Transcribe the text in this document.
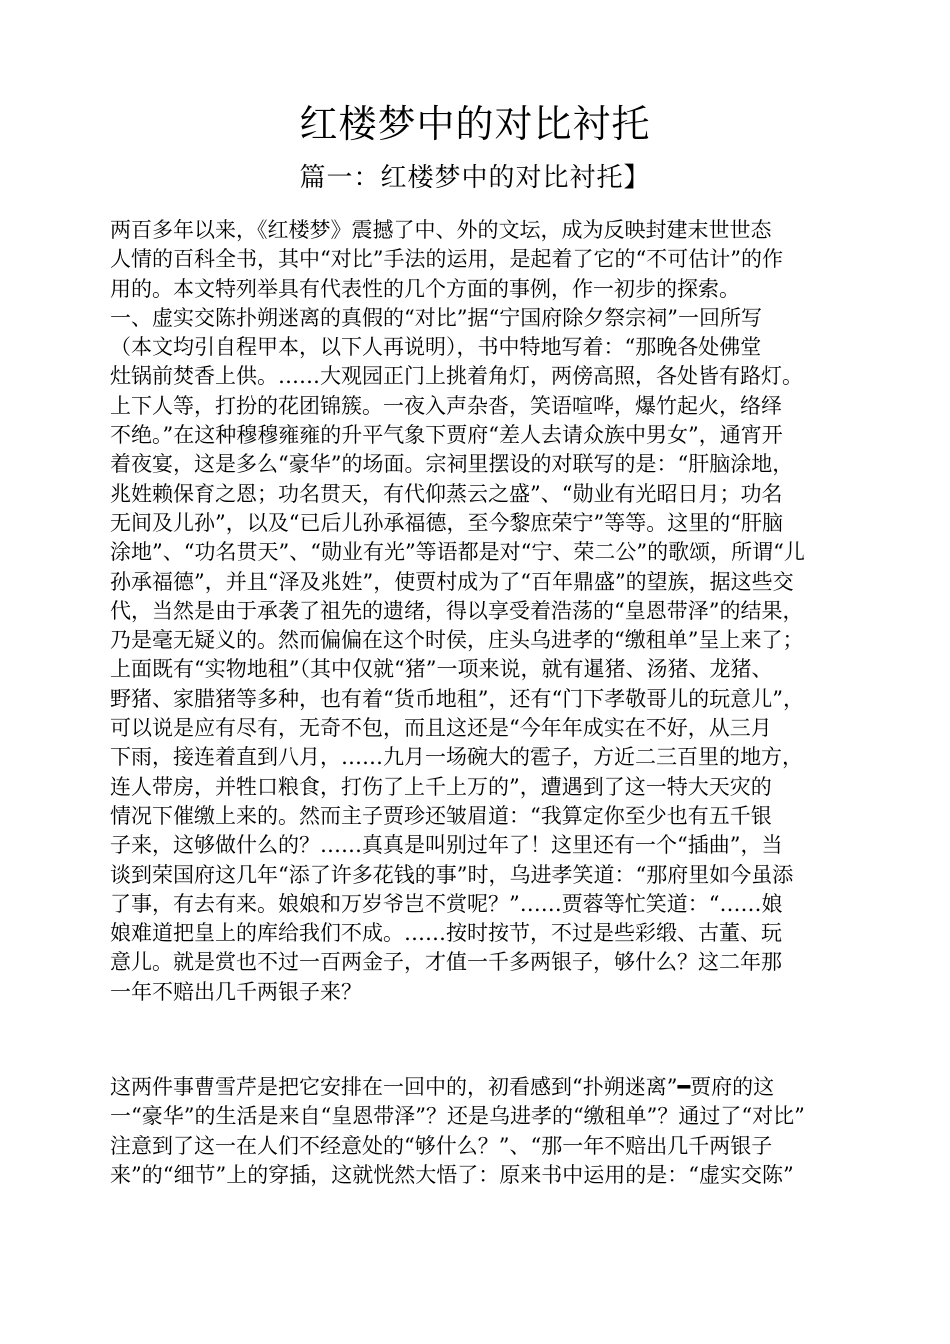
红楼梦中的对比衬托
篇一：红楼梦中的对比衬托】
两百多年以来，《红楼梦》震撼了中、外的文坛，成为反映封建末世世态
人情的百科全书，其中“对比”手法的运用，是起着了它的“不可估计”的作
用的。本文特列举具有代表性的几个方面的事例，作一初步的探索。
一、虚实交陈扑朔迷离的真假的“对比”据“宁国府除夕祭宗祠”一回所写
（本文均引自程甲本，以下人再说明），书中特地写着：“那晚各处佛堂
灶锅前焚香上供。……大观园正门上挑着角灯，两傍高照，各处皆有路灯。
上下人等，打扮的花团锦簇。一夜入声杂沓，笑语喧哗，爆竹起火，络绎
不绝。”在这种穆穆雍雍的升平气象下贾府“差人去请众族中男女”，通宵开
着夜宴，这是多么“豪华”的场面。宗祠里摆设的对联写的是：“肝脑涂地，
兆姓赖保育之恩；功名贯天，有代仰蒸云之盛”、“勋业有光昭日月；功名
无间及儿孙”，以及“已后儿孙承福德，至今黎庶荣宁”等等。这里的“肝脑
涂地”、“功名贯天”、“勋业有光”等语都是对“宁、荣二公”的歌颂，所谓“儿
孙承福德”，并且“泽及兆姓”，使贾村成为了“百年鼎盛”的望族，据这些交
代，当然是由于承袭了祖先的遗绪，得以享受着浩荡的“皇恩带泽”的结果，
乃是毫无疑义的。然而偏偏在这个时侯，庄头乌进孝的“缴租单”呈上来了；
上面既有“实物地租”（其中仅就“猪”一项来说，就有暹猪、汤猪、龙猪、
野猪、家腊猪等多种，也有着“货币地租”，还有“门下孝敬哥儿的玩意儿”，
可以说是应有尽有，无奇不包，而且这还是“今年年成实在不好，从三月
下雨，接连着直到八月，……九月一场碗大的雹子，方近二三百里的地方，
连人带房，并牲口粮食，打伤了上千上万的”，遭遇到了这一特大天灾的
情况下催缴上来的。然而主子贾珍还皱眉道：“我算定你至少也有五千银
子来，这够做什么的？……真真是叫别过年了！这里还有一个“插曲”，当
谈到荣国府这几年“添了许多花钱的事”时，乌进孝笑道：“那府里如今虽添
了事，有去有来。娘娘和万岁爷岂不赏呢？”……贾蓉等忙笑道：“……娘
娘难道把皇上的库给我们不成。……按时按节，不过是些彩缎、古董、玩
意儿。就是赏也不过一百两金子，才值一千多两银子，够什么？这二年那
一年不赔出几千两银子来？
这两件事曹雪芹是把它安排在一回中的，初看感到“扑朔迷离”━贾府的这
一“豪华”的生活是来自“皇恩带泽”？还是乌进孝的“缴租单”？通过了“对比”
注意到了这一在人们不经意处的“够什么？”、“那一年不赔出几千两银子
来”的“细节”上的穿插，这就恍然大悟了：原来书中运用的是：“虚实交陈”
